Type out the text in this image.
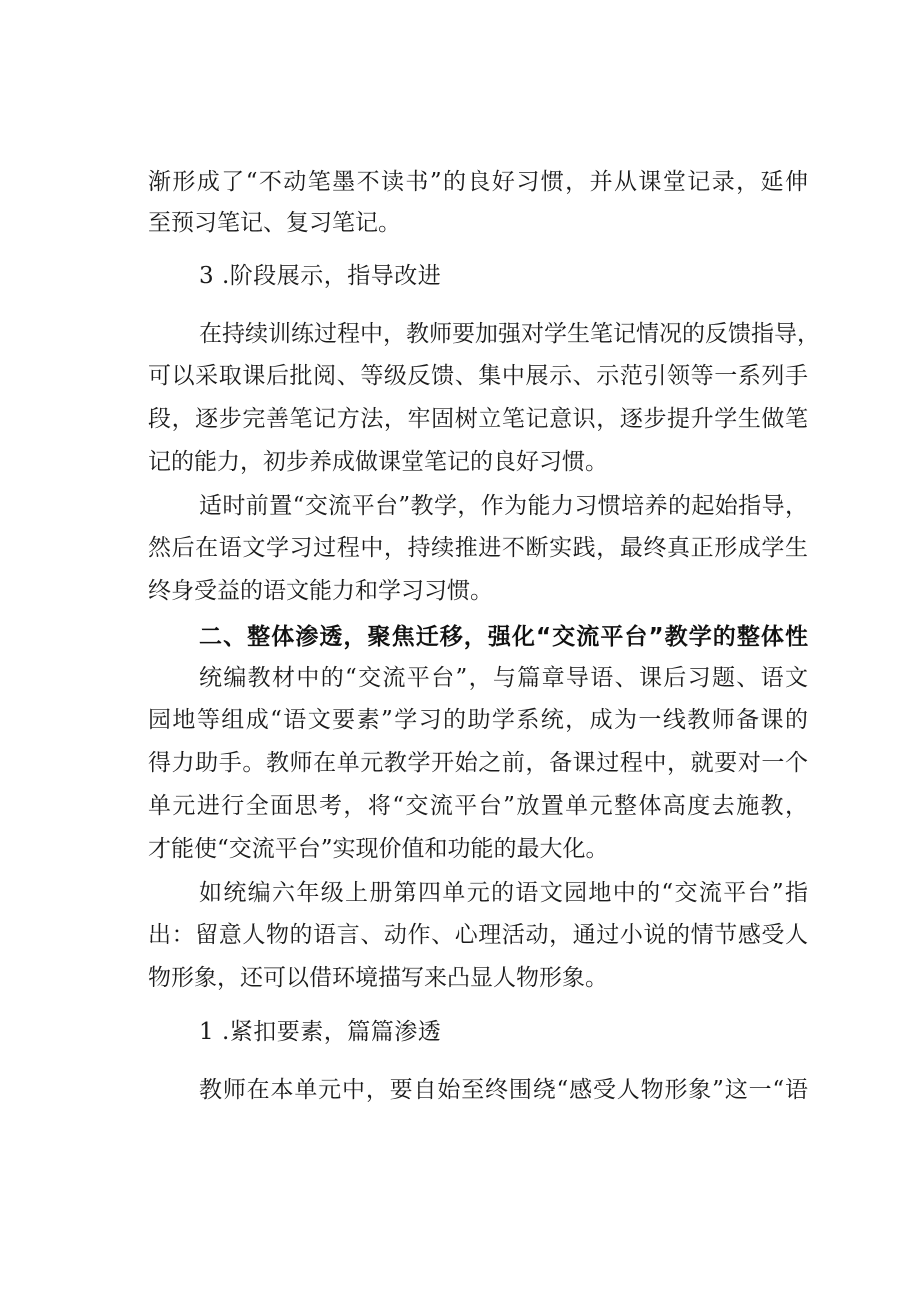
渐形成了“不动笔墨不读书”的良好习惯，并从课堂记录，延伸
至预习笔记、复习笔记。
3 .阶段展示，指导改进
在持续训练过程中，教师要加强对学生笔记情况的反馈指导，
可以采取课后批阅、等级反馈、集中展示、示范引领等一系列手
段，逐步完善笔记方法，牢固树立笔记意识，逐步提升学生做笔
记的能力，初步养成做课堂笔记的良好习惯。
适时前置“交流平台”教学，作为能力习惯培养的起始指导，
然后在语文学习过程中，持续推进不断实践，最终真正形成学生
终身受益的语文能力和学习习惯。
二、整体渗透，聚焦迁移，强化“交流平台”教学的整体性
统编教材中的“交流平台”，与篇章导语、课后习题、语文
园地等组成“语文要素”学习的助学系统，成为一线教师备课的
得力助手。教师在单元教学开始之前，备课过程中，就要对一个
单元进行全面思考，将“交流平台”放置单元整体高度去施教，
才能使“交流平台”实现价值和功能的最大化。
如统编六年级上册第四单元的语文园地中的“交流平台”指
出：留意人物的语言、动作、心理活动，通过小说的情节感受人
物形象，还可以借环境描写来凸显人物形象。
1 .紧扣要素，篇篇渗透
教师在本单元中，要自始至终围绕“感受人物形象”这一“语
